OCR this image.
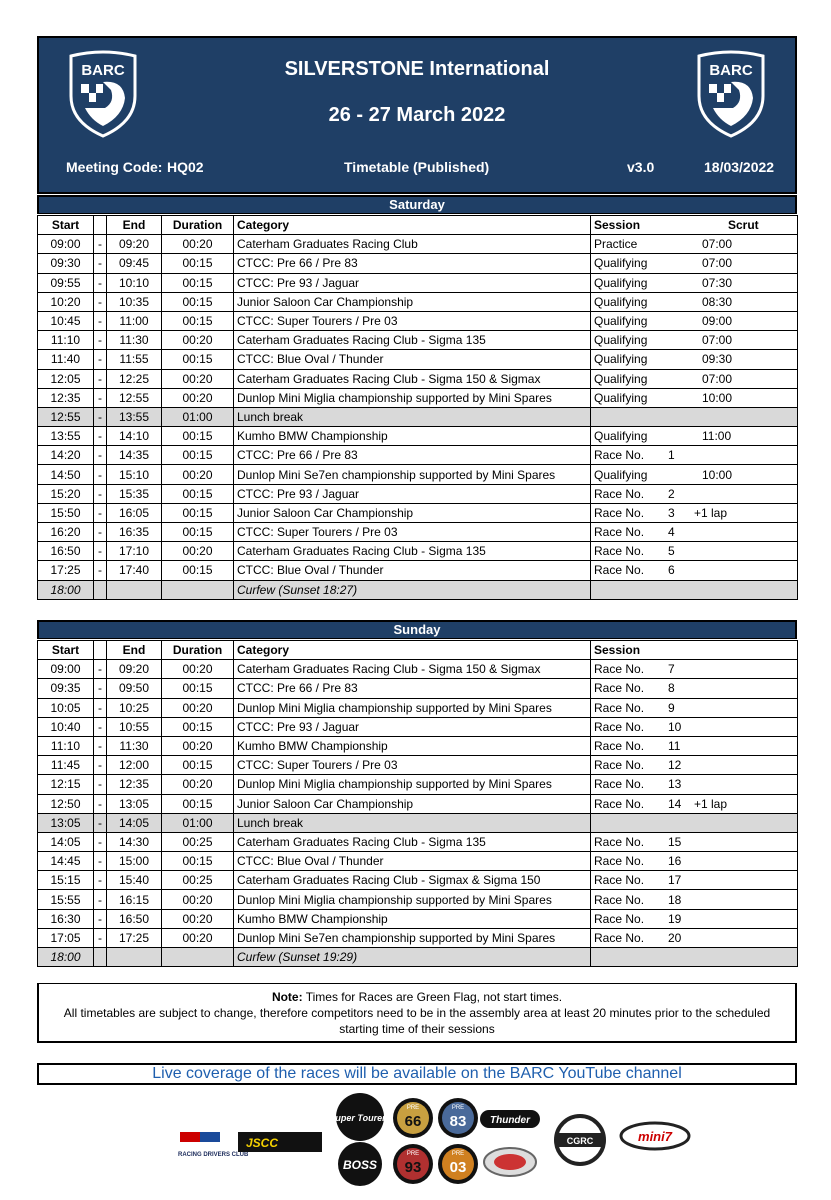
BARC	SILVERSTONE International
26 - 27 March 2022
BARC
Meeting Code: HQ02	Timetable (Published)	v3.0	18/03/2022
Saturday
Start		End	Duration	Category	Session Scrut
09:00	-	09:20	00:20	Caterham Graduates Racing Club	Practice 07:00
09:30	-	09:45	00:15	CTCC: Pre 66 / Pre 83	Qualifying 07:00
09:55	-	10:10	00:15	CTCC: Pre 93 / Jaguar	Qualifying 07:30
10:20	-	10:35	00:15	Junior Saloon Car Championship	Qualifying 08:30
10:45	-	11:00	00:15	CTCC: Super Tourers / Pre 03	Qualifying 09:00
11:10	-	11:30	00:20	Caterham Graduates Racing Club - Sigma 135	Qualifying 07:00
11:40	-	11:55	00:15	CTCC: Blue Oval / Thunder	Qualifying 09:30
12:05	-	12:25	00:20	Caterham Graduates Racing Club - Sigma 150 & Sigmax	Qualifying 07:00
12:35	-	12:55	00:20	Dunlop Mini Miglia championship supported by Mini Spares	Qualifying 10:00
12:55	-	13:55	01:00	Lunch break	
13:55	-	14:10	00:15	Kumho BMW Championship	Qualifying 11:00
14:20	-	14:35	00:15	CTCC: Pre 66 / Pre 83	Race No. 1
14:50	-	15:10	00:20	Dunlop Mini Se7en championship supported by Mini Spares	Qualifying 10:00
15:20	-	15:35	00:15	CTCC: Pre 93 / Jaguar	Race No. 2
15:50	-	16:05	00:15	Junior Saloon Car Championship	Race No. 3 +1 lap
16:20	-	16:35	00:15	CTCC: Super Tourers / Pre 03	Race No. 4
16:50	-	17:10	00:20	Caterham Graduates Racing Club - Sigma 135	Race No. 5
17:25	-	17:40	00:15	CTCC: Blue Oval / Thunder	Race No. 6
18:00				Curfew (Sunset 18:27)	
Sunday
Start		End	Duration	Category	Session
09:00	-	09:20	00:20	Caterham Graduates Racing Club - Sigma 150 & Sigmax	Race No. 7
09:35	-	09:50	00:15	CTCC: Pre 66 / Pre 83	Race No. 8
10:05	-	10:25	00:20	Dunlop Mini Miglia championship supported by Mini Spares	Race No. 9
10:40	-	10:55	00:15	CTCC: Pre 93 / Jaguar	Race No. 10
11:10	-	11:30	00:20	Kumho BMW Championship	Race No. 11
11:45	-	12:00	00:15	CTCC: Super Tourers / Pre 03	Race No. 12
12:15	-	12:35	00:20	Dunlop Mini Miglia championship supported by Mini Spares	Race No. 13
12:50	-	13:05	00:15	Junior Saloon Car Championship	Race No. 14 +1 lap
13:05	-	14:05	01:00	Lunch break	
14:05	-	14:30	00:25	Caterham Graduates Racing Club - Sigma 135	Race No. 15
14:45	-	15:00	00:15	CTCC: Blue Oval / Thunder	Race No. 16
15:15	-	15:40	00:25	Caterham Graduates Racing Club - Sigmax & Sigma 150	Race No. 17
15:55	-	16:15	00:20	Dunlop Mini Miglia championship supported by Mini Spares	Race No. 18
16:30	-	16:50	00:20	Kumho BMW Championship	Race No. 19
17:05	-	17:25	00:20	Dunlop Mini Se7en championship supported by Mini Spares	Race No. 20
18:00				Curfew (Sunset 19:29)	
Note: Times for Races are Green Flag, not start times.
All timetables are subject to change, therefore competitors need to be in the assembly area at least 20 minutes prior to the scheduled starting time of their sessions
Live coverage of the races will be available on the BARC YouTube channel
RACING DRIVERS CLUB
JSCC
Super Tourers
PRE
66
PRE
83 Thunder
BOSS
PRE
93
PRE
03
CGRC	mini7
